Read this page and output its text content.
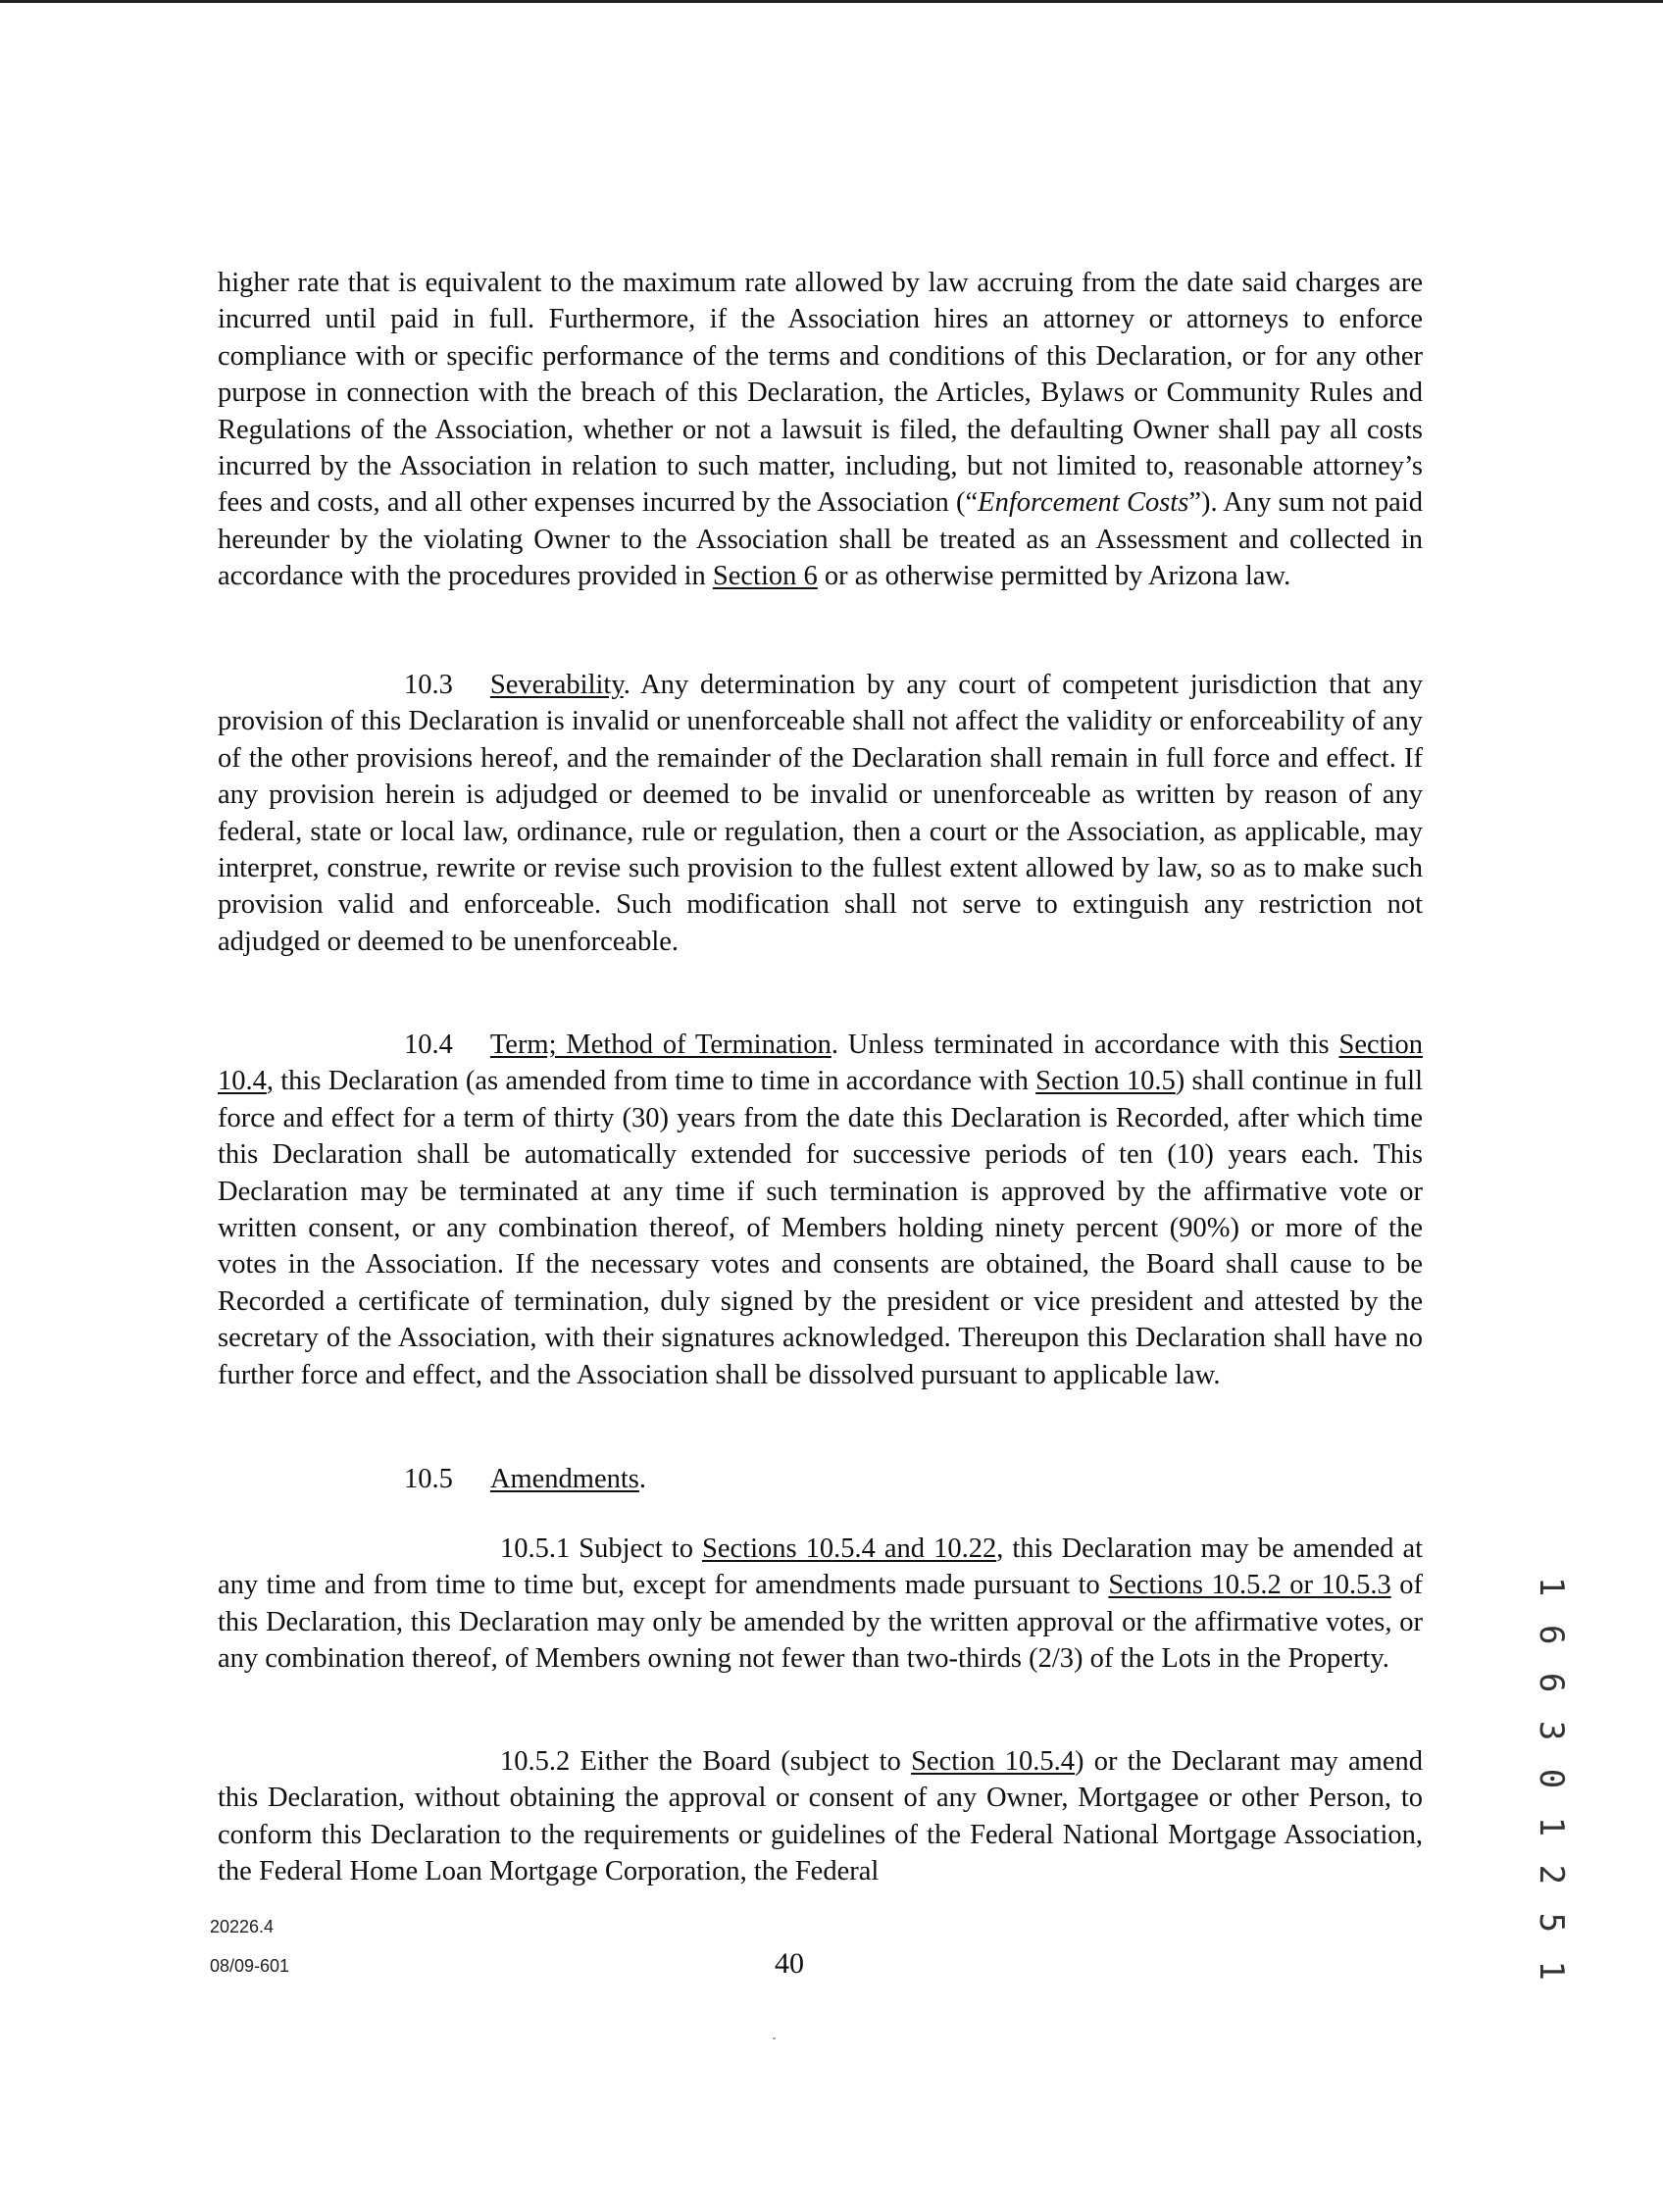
higher rate that is equivalent to the maximum rate allowed by law accruing from the date said charges are incurred until paid in full. Furthermore, if the Association hires an attorney or attorneys to enforce compliance with or specific performance of the terms and conditions of this Declaration, or for any other purpose in connection with the breach of this Declaration, the Articles, Bylaws or Community Rules and Regulations of the Association, whether or not a lawsuit is filed, the defaulting Owner shall pay all costs incurred by the Association in relation to such matter, including, but not limited to, reasonable attorney’s fees and costs, and all other expenses incurred by the Association (“Enforcement Costs”). Any sum not paid hereunder by the violating Owner to the Association shall be treated as an Assessment and collected in accordance with the procedures provided in Section 6 or as otherwise permitted by Arizona law.

10.3 Severability. Any determination by any court of competent jurisdiction that any provision of this Declaration is invalid or unenforceable shall not affect the validity or enforceability of any of the other provisions hereof, and the remainder of the Declaration shall remain in full force and effect. If any provision herein is adjudged or deemed to be invalid or unenforceable as written by reason of any federal, state or local law, ordinance, rule or regulation, then a court or the Association, as applicable, may interpret, construe, rewrite or revise such provision to the fullest extent allowed by law, so as to make such provision valid and enforceable. Such modification shall not serve to extinguish any restriction not adjudged or deemed to be unenforceable.

10.4 Term; Method of Termination. Unless terminated in accordance with this Section 10.4, this Declaration (as amended from time to time in accordance with Section 10.5) shall continue in full force and effect for a term of thirty (30) years from the date this Declaration is Recorded, after which time this Declaration shall be automatically extended for successive periods of ten (10) years each. This Declaration may be terminated at any time if such termination is approved by the affirmative vote or written consent, or any combination thereof, of Members holding ninety percent (90%) or more of the votes in the Association. If the necessary votes and consents are obtained, the Board shall cause to be Recorded a certificate of termination, duly signed by the president or vice president and attested by the secretary of the Association, with their signatures acknowledged. Thereupon this Declaration shall have no further force and effect, and the Association shall be dissolved pursuant to applicable law.

10.5 Amendments.

10.5.1 Subject to Sections 10.5.4 and 10.22, this Declaration may be amended at any time and from time to time but, except for amendments made pursuant to Sections 10.5.2 or 10.5.3 of this Declaration, this Declaration may only be amended by the written approval or the affirmative votes, or any combination thereof, of Members owning not fewer than two-thirds (2/3) of the Lots in the Property.

10.5.2 Either the Board (subject to Section 10.5.4) or the Declarant may amend this Declaration, without obtaining the approval or consent of any Owner, Mortgagee or other Person, to conform this Declaration to the requirements or guidelines of the Federal National Mortgage Association, the Federal Home Loan Mortgage Corporation, the Federal

20226.4
08/09-601	40	1 6 6 3 0 1 2 5 1
